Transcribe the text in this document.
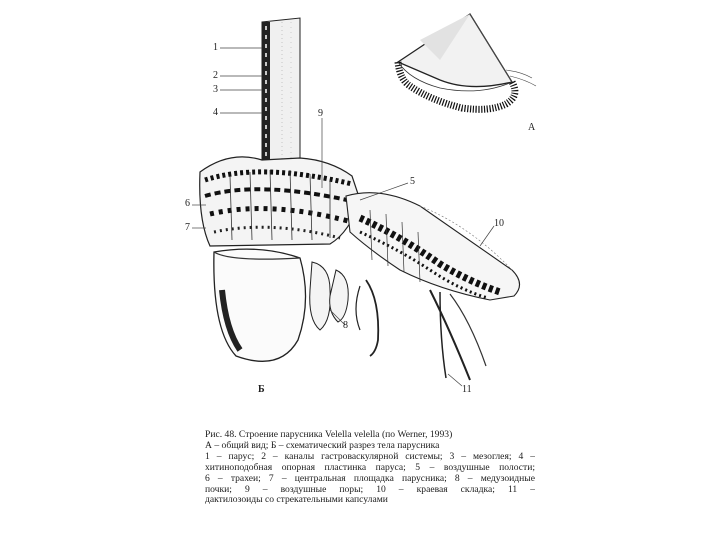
1
2
3
4	9
5
6
7	10
8
11
А
Б
Рис. 48. Строение парусника Velella velella (по Werner, 1993)
А – общий вид; Б – схематический разрез тела парусника
1 – парус; 2 – каналы гастроваскулярной системы; 3 – мезоглея; 4 –
хитиноподобная опорная пластинка паруса; 5 – воздушные полости;
6 – трахеи; 7 – центральная площадка парусника; 8 – медузоидные
почки; 9 – воздушные поры; 10 – краевая складка; 11 –
дактилозоиды со стрекательными капсулами
